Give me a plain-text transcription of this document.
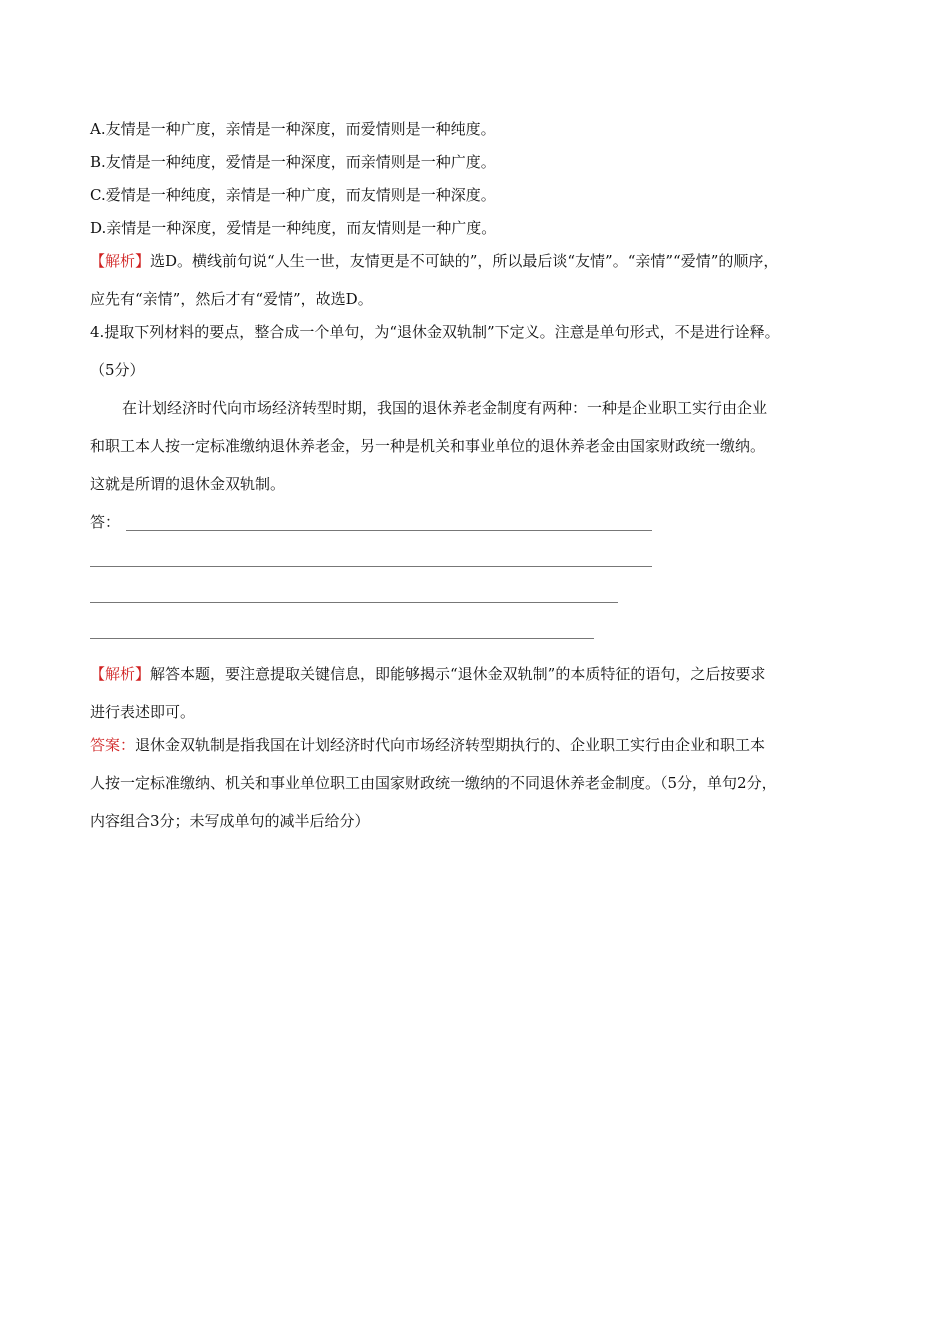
A.友情是一种广度，亲情是一种深度，而爱情则是一种纯度。
B.友情是一种纯度，爱情是一种深度，而亲情则是一种广度。
C.爱情是一种纯度，亲情是一种广度，而友情则是一种深度。
D.亲情是一种深度，爱情是一种纯度，而友情则是一种广度。
【解析】选D。横线前句说“人生一世，友情更是不可缺的”，所以最后谈“友情”。“亲情”“爱情”的顺序，
应先有“亲情”，然后才有“爱情”，故选D。
4.提取下列材料的要点，整合成一个单句，为“退休金双轨制”下定义。注意是单句形式，不是进行诠释。
（5分）
在计划经济时代向市场经济转型时期，我国的退休养老金制度有两种：一种是企业职工实行由企业
和职工本人按一定标准缴纳退休养老金，另一种是机关和事业单位的退休养老金由国家财政统一缴纳。
这就是所谓的退休金双轨制。
答：
【解析】解答本题，要注意提取关键信息，即能够揭示“退休金双轨制”的本质特征的语句，之后按要求
进行表述即可。
答案：退休金双轨制是指我国在计划经济时代向市场经济转型期执行的、企业职工实行由企业和职工本
人按一定标准缴纳、机关和事业单位职工由国家财政统一缴纳的不同退休养老金制度。（5分，单句2分，
内容组合3分；未写成单句的减半后给分）
